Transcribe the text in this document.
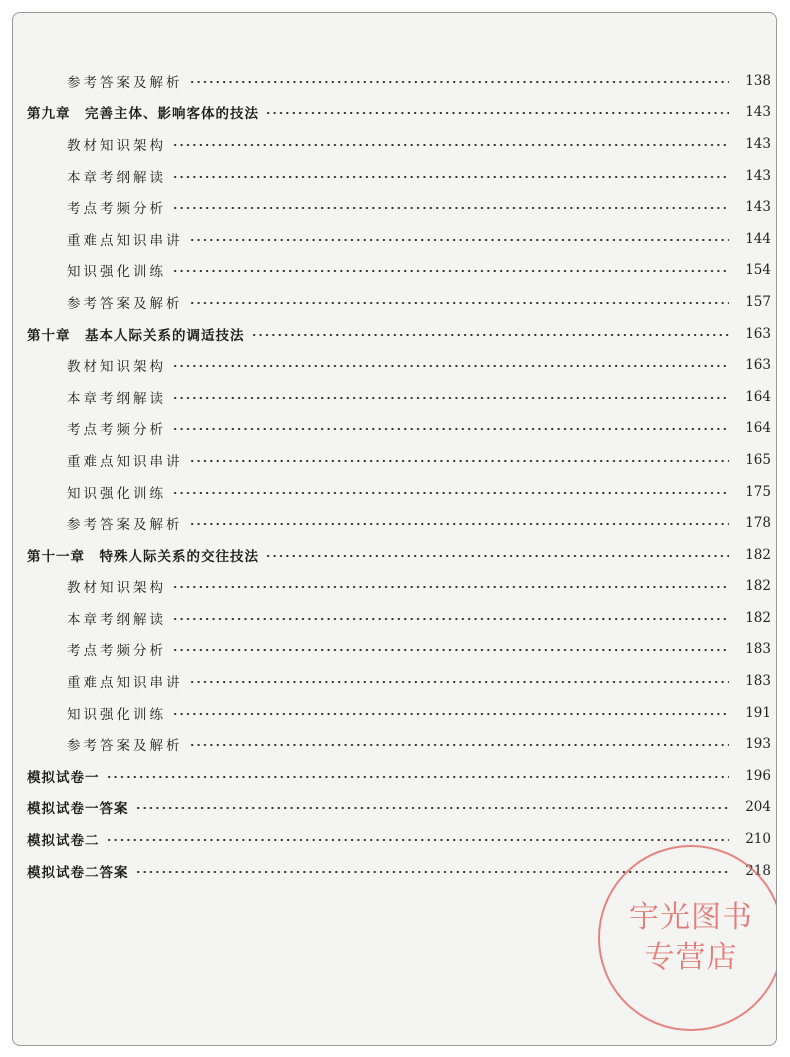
参考答案及解析	138
第九章　完善主体、影响客体的技法	143
教材知识架构	143
本章考纲解读	143
考点考频分析	143
重难点知识串讲	144
知识强化训练	154
参考答案及解析	157
第十章　基本人际关系的调适技法	163
教材知识架构	163
本章考纲解读	164
考点考频分析	164
重难点知识串讲	165
知识强化训练	175
参考答案及解析	178
第十一章　特殊人际关系的交往技法	182
教材知识架构	182
本章考纲解读	182
考点考频分析	183
重难点知识串讲	183
知识强化训练	191
参考答案及解析	193
模拟试卷一	196
模拟试卷一答案	204
模拟试卷二	210
模拟试卷二答案	218
宇光图书
专营店
